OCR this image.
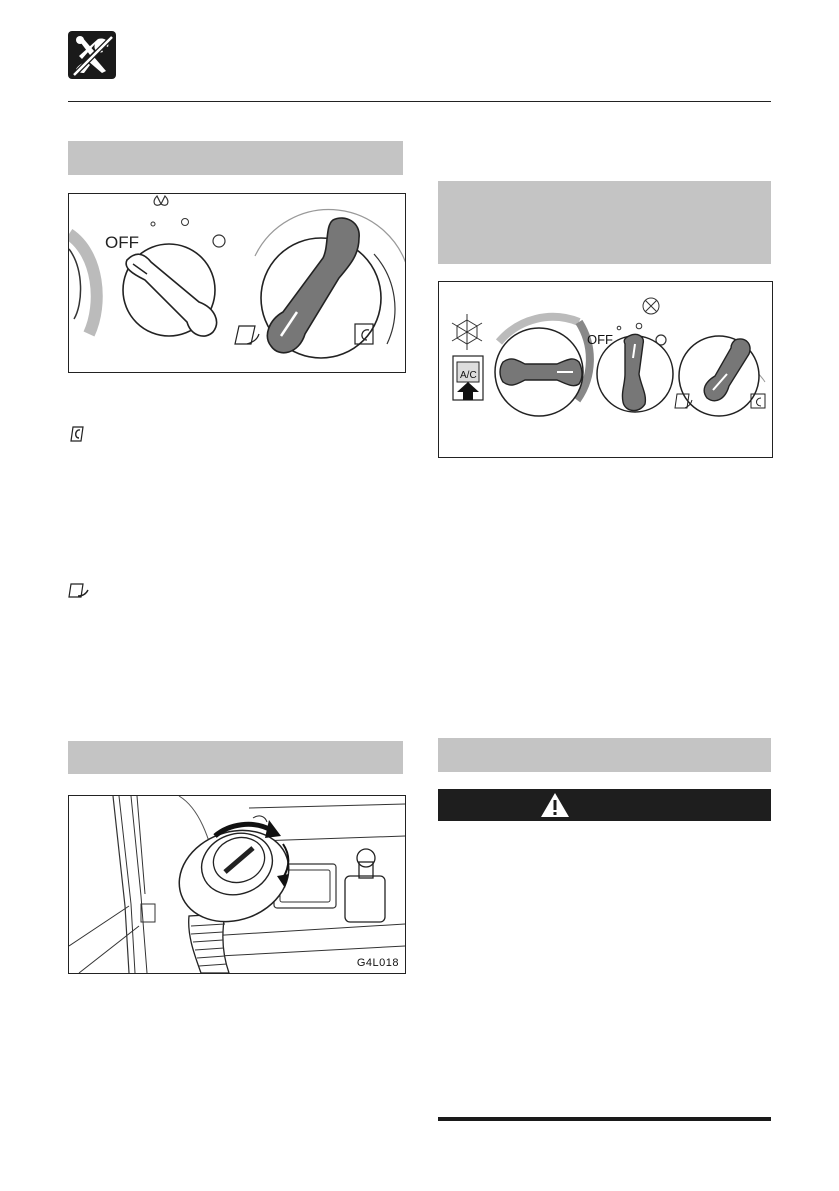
OFF
G4L018
A/C
OFF
